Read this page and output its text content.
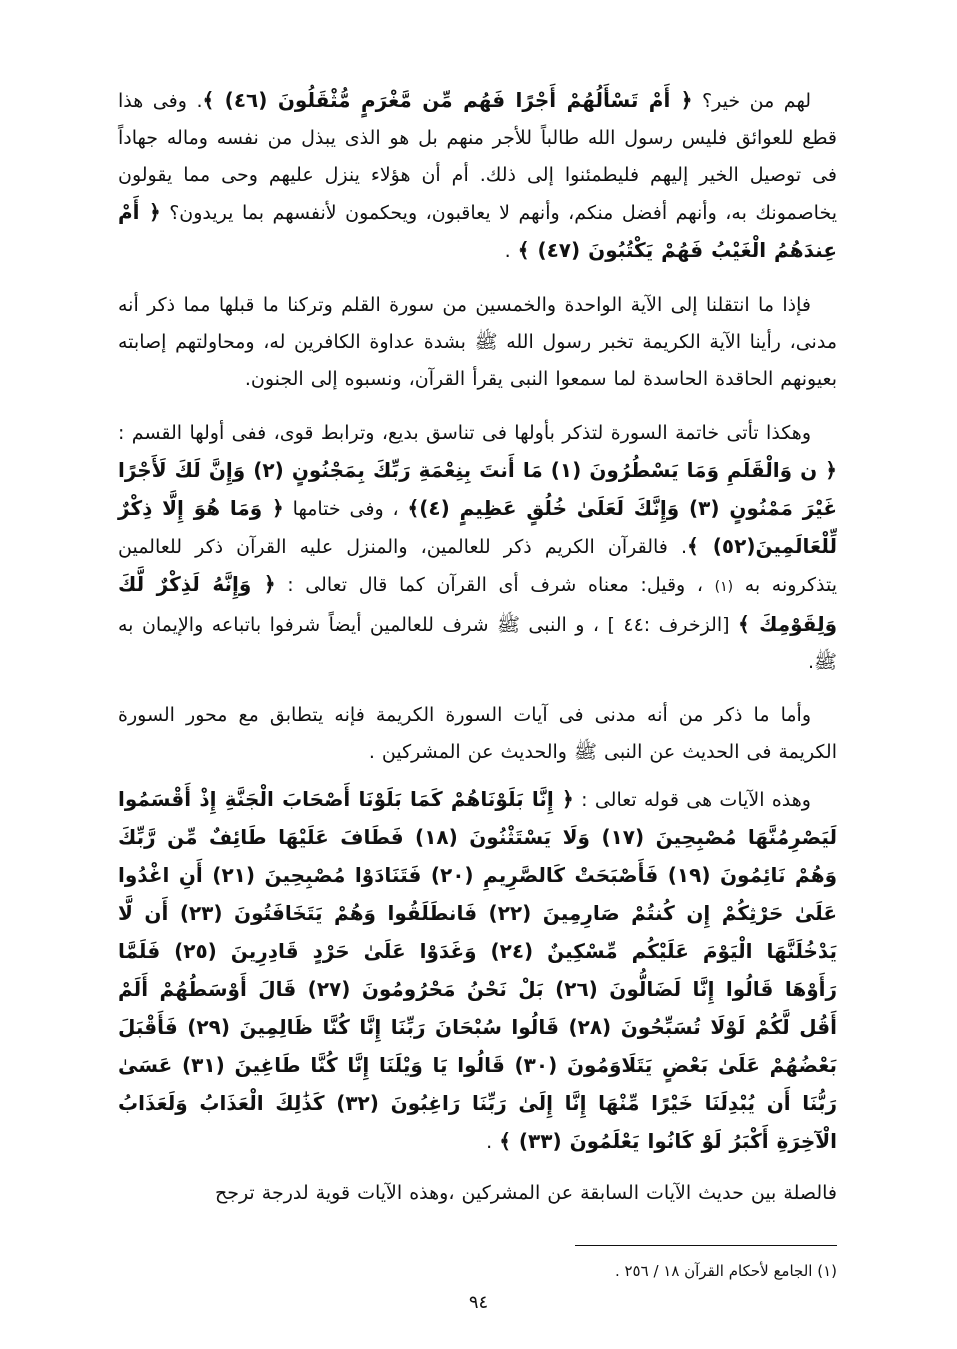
لهم من خير؟ ﴿ أَمْ تَسْأَلُهُمْ أَجْرًا فَهُم مِّن مَّغْرَمٍ مُّثْقَلُونَ (٤٦) ﴾. وفى هذا قطع للعوائق فليس رسول الله طالباً للأجر منهم بل هو الذى يبذل من نفسه وماله جهاداً فى توصيل الخير إليهم فليطمئنوا إلى ذلك. أم أن هؤلاء ينزل عليهم وحى مما يقولون يخاصمونك به، وأنهم أفضل منكم، وأنهم لا يعاقبون، ويحكمون لأنفسهم بما يريدون؟ ﴿ أَمْ عِندَهُمُ الْغَيْبُ فَهُمْ يَكْتُبُونَ (٤٧) ﴾ .

فإذا ما انتقلنا إلى الآية الواحدة والخمسين من سورة القلم وتركنا ما قبلها مما ذكر أنه مدنى، رأينا الآية الكريمة تخبر رسول الله ﷺ بشدة عداوة الكافرين له، ومحاولتهم إصابته بعيونهم الحاقدة الحاسدة لما سمعوا النبى يقرأ القرآن، ونسبوه إلى الجنون.

وهكذا تأتى خاتمة السورة لتذكر بأولها فى تناسق بديع، وترابط قوى، ففى أولها القسم : ﴿ ن وَالْقَلَمِ وَمَا يَسْطُرُونَ (١) مَا أَنتَ بِنِعْمَةِ رَبِّكَ بِمَجْنُونٍ (٢) وَإِنَّ لَكَ لَأَجْرًا غَيْرَ مَمْنُونٍ (٣) وَإِنَّكَ لَعَلَىٰ خُلُقٍ عَظِيمٍ (٤)﴾ ، وفى ختامها ﴿ وَمَا هُوَ إِلَّا ذِكْرٌ لِّلْعَالَمِينَ(٥٢) ﴾. فالقرآن الكريم ذكر للعالمين، والمنزل عليه القرآن ذكر للعالمين يتذكرونه به (١) ، وقيل: معناه شرف أى القرآن كما قال تعالى : ﴿ وَإِنَّهُ لَذِكْرٌ لَّكَ وَلِقَوْمِكَ ﴾ [الزخرف :٤٤ ] ، و النبى ﷺ شرف للعالمين أيضاً شرفوا باتباعه والإيمان به ﷺ.

وأما ما ذكر من أنه مدنى فى آيات السورة الكريمة فإنه يتطابق مع محور السورة الكريمة فى الحديث عن النبى ﷺ والحديث عن المشركين .

وهذه الآيات هى قوله تعالى : ﴿ إِنَّا بَلَوْنَاهُمْ كَمَا بَلَوْنَا أَصْحَابَ الْجَنَّةِ إِذْ أَقْسَمُوا لَيَصْرِمُنَّهَا مُصْبِحِينَ (١٧) وَلَا يَسْتَثْنُونَ (١٨) فَطَافَ عَلَيْهَا طَائِفٌ مِّن رَّبِّكَ وَهُمْ نَائِمُونَ (١٩) فَأَصْبَحَتْ كَالصَّرِيمِ (٢٠) فَتَنَادَوْا مُصْبِحِينَ (٢١) أَنِ اغْدُوا عَلَىٰ حَرْثِكُمْ إِن كُنتُمْ صَارِمِينَ (٢٢) فَانطَلَقُوا وَهُمْ يَتَخَافَتُونَ (٢٣) أَن لَّا يَدْخُلَنَّهَا الْيَوْمَ عَلَيْكُم مِّسْكِينٌ (٢٤) وَغَدَوْا عَلَىٰ حَرْدٍ قَادِرِينَ (٢٥) فَلَمَّا رَأَوْهَا قَالُوا إِنَّا لَضَالُّونَ (٢٦) بَلْ نَحْنُ مَحْرُومُونَ (٢٧) قَالَ أَوْسَطُهُمْ أَلَمْ أَقُل لَّكُمْ لَوْلَا تُسَبِّحُونَ (٢٨) قَالُوا سُبْحَانَ رَبِّنَا إِنَّا كُنَّا ظَالِمِينَ (٢٩) فَأَقْبَلَ بَعْضُهُمْ عَلَىٰ بَعْضٍ يَتَلَاوَمُونَ (٣٠) قَالُوا يَا وَيْلَنَا إِنَّا كُنَّا طَاغِينَ (٣١) عَسَىٰ رَبُّنَا أَن يُبْدِلَنَا خَيْرًا مِّنْهَا إِنَّا إِلَىٰ رَبِّنَا رَاغِبُونَ (٣٢) كَذَٰلِكَ الْعَذَابُ وَلَعَذَابُ الْآخِرَةِ أَكْبَرُ لَوْ كَانُوا يَعْلَمُونَ (٣٣) ﴾ .

فالصلة بين حديث الآيات السابقة عن المشركين ،وهذه الآيات قوية لدرجة ترجح

(١) الجامع لأحكام القرآن ١٨ / ٢٥٦ .
٩٤
